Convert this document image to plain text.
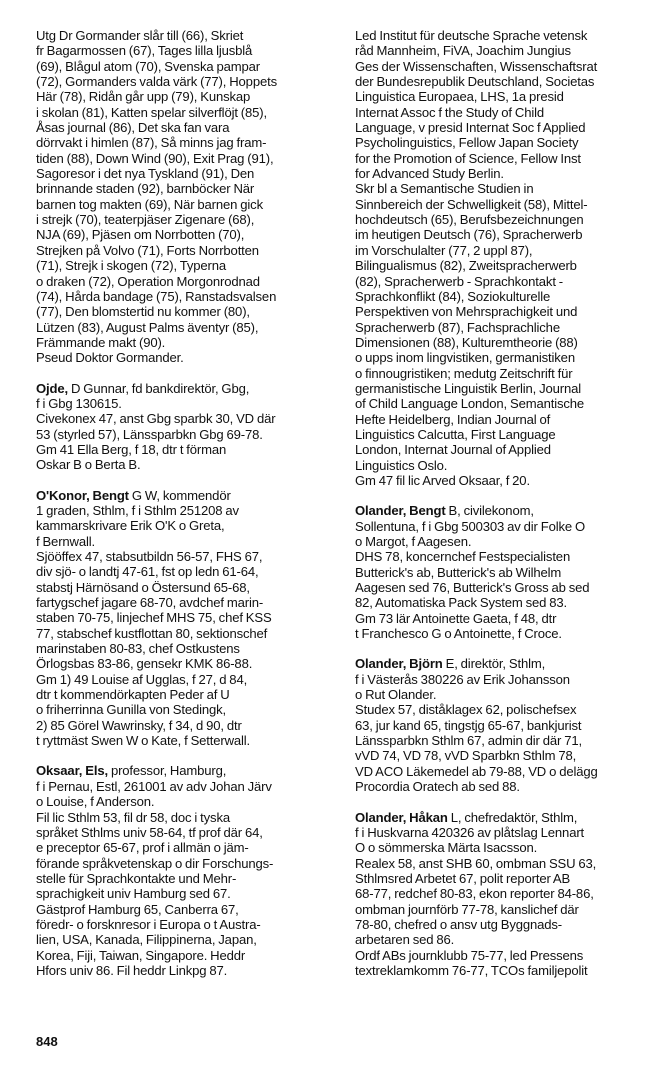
Utg Dr Gormander slår till (66), Skriet
fr Bagarmossen (67), Tages lilla ljusblå
(69), Blågul atom (70), Svenska pampar
(72), Gormanders valda värk (77), Hoppets
Här (78), Ridån går upp (79), Kunskap
i skolan (81), Katten spelar silverflöjt (85),
Åsas journal (86), Det ska fan vara
dörrvakt i himlen (87), Så minns jag fram-
tiden (88), Down Wind (90), Exit Prag (91),
Sagoresor i det nya Tyskland (91), Den
brinnande staden (92), barnböcker När
barnen tog makten (69), När barnen gick
i strejk (70), teaterpjäser Zigenare (68),
NJA (69), Pjäsen om Norrbotten (70),
Strejken på Volvo (71), Forts Norrbotten
(71), Strejk i skogen (72), Typerna
o draken (72), Operation Morgonrodnad
(74), Hårda bandage (75), Ranstadsvalsen
(77), Den blomstertid nu kommer (80),
Lützen (83), August Palms äventyr (85),
Främmande makt (90).
Pseud Doktor Gormander.
Ojde, D Gunnar, fd bankdirektör, Gbg,
f i Gbg 130615.
Civekonex 47, anst Gbg sparbk 30, VD där
53 (styrled 57), Länssparbkn Gbg 69-78.
Gm 41 Ella Berg, f 18, dtr t förman
Oskar B o Berta B.
O'Konor, Bengt G W, kommendör
1 graden, Sthlm, f i Sthlm 251208 av
kammarskrivare Erik O'K o Greta,
f Bernwall.
Sjööffex 47, stabsutbildn 56-57, FHS 67,
div sjö- o landtj 47-61, fst op ledn 61-64,
stabstj Härnösand o Östersund 65-68,
fartygschef jagare 68-70, avdchef marin-
staben 70-75, linjechef MHS 75, chef KSS
77, stabschef kustflottan 80, sektionschef
marinstaben 80-83, chef Ostkustens
Örlogsbas 83-86, gensekr KMK 86-88.
Gm 1) 49 Louise af Ugglas, f 27, d 84,
dtr t kommendörkapten Peder af U
o friherrinna Gunilla von Stedingk,
2) 85 Görel Wawrinsky, f 34, d 90, dtr
t ryttmäst Swen W o Kate, f Setterwall.
Oksaar, Els, professor, Hamburg,
f i Pernau, Estl, 261001 av adv Johan Järv
o Louise, f Anderson.
Fil lic Sthlm 53, fil dr 58, doc i tyska
språket Sthlms univ 58-64, tf prof där 64,
e preceptor 65-67, prof i allmän o jäm-
förande språkvetenskap o dir Forschungs-
stelle für Sprachkontakte und Mehr-
sprachigkeit univ Hamburg sed 67.
Gästprof Hamburg 65, Canberra 67,
föredr- o forsknresor i Europa o t Austra-
lien, USA, Kanada, Filippinerna, Japan,
Korea, Fiji, Taiwan, Singapore. Heddr
Hfors univ 86. Fil heddr Linkpg 87.
Led Institut für deutsche Sprache vetensk
råd Mannheim, FiVA, Joachim Jungius
Ges der Wissenschaften, Wissenschaftsrat
der Bundesrepublik Deutschland, Societas
Linguistica Europaea, LHS, 1a presid
Internat Assoc f the Study of Child
Language, v presid Internat Soc f Applied
Psycholinguistics, Fellow Japan Society
for the Promotion of Science, Fellow Inst
for Advanced Study Berlin.
Skr bl a Semantische Studien in
Sinnbereich der Schwelligkeit (58), Mittel-
hochdeutsch (65), Berufsbezeichnungen
im heutigen Deutsch (76), Spracherwerb
im Vorschulalter (77, 2 uppl 87),
Bilingualismus (82), Zweitspracherwerb
(82), Spracherwerb - Sprachkontakt -
Sprachkonflikt (84), Soziokulturelle
Perspektiven von Mehrsprachigkeit und
Spracherwerb (87), Fachsprachliche
Dimensionen (88), Kulturemtheorie (88)
o upps inom lingvistiken, germanistiken
o finnougristiken; medutg Zeitschrift für
germanistische Linguistik Berlin, Journal
of Child Language London, Semantische
Hefte Heidelberg, Indian Journal of
Linguistics Calcutta, First Language
London, Internat Journal of Applied
Linguistics Oslo.
Gm 47 fil lic Arved Oksaar, f 20.
Olander, Bengt B, civilekonom,
Sollentuna, f i Gbg 500303 av dir Folke O
o Margot, f Aagesen.
DHS 78, koncernchef Festspecialisten
Butterick's ab, Butterick's ab Wilhelm
Aagesen sed 76, Butterick's Gross ab sed
82, Automatiska Pack System sed 83.
Gm 73 lär Antoinette Gaeta, f 48, dtr
t Franchesco G o Antoinette, f Croce.
Olander, Björn E, direktör, Sthlm,
f i Västerås 380226 av Erik Johansson
o Rut Olander.
Studex 57, diståklagex 62, polischefsex
63, jur kand 65, tingstjg 65-67, bankjurist
Länssparbkn Sthlm 67, admin dir där 71,
vVD 74, VD 78, vVD Sparbkn Sthlm 78,
VD ACO Läkemedel ab 79-88, VD o delägg
Procordia Oratech ab sed 88.
Olander, Håkan L, chefredaktör, Sthlm,
f i Huskvarna 420326 av plåtslag Lennart
O o sömmerska Märta Isacsson.
Realex 58, anst SHB 60, ombman SSU 63,
Sthlmsred Arbetet 67, polit reporter AB
68-77, redchef 80-83, ekon reporter 84-86,
ombman journförb 77-78, kanslichef där
78-80, chefred o ansv utg Byggnads-
arbetaren sed 86.
Ordf ABs journklubb 75-77, led Pressens
textreklamkomm 76-77, TCOs familjepolit
848
